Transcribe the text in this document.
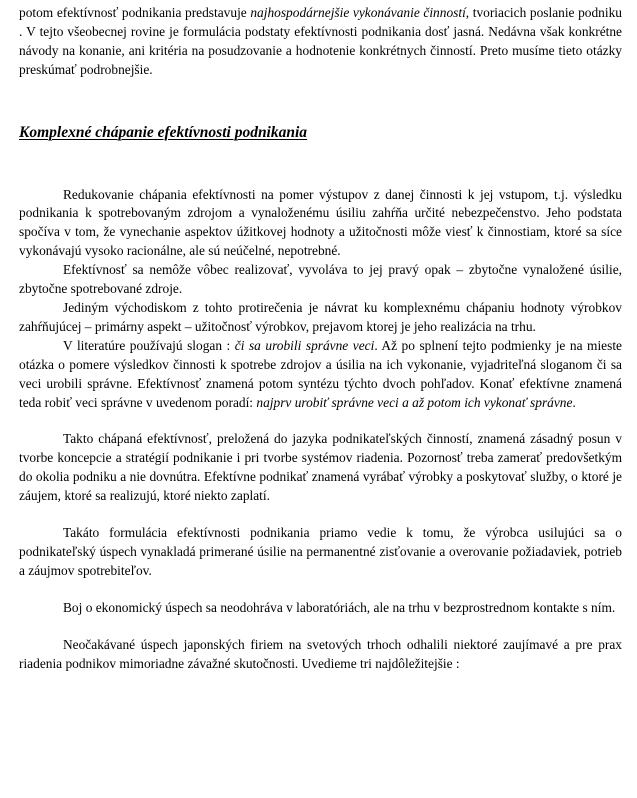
potom efektívnosť podnikania predstavuje najhospodárnejšie vykonávanie činností, tvoriacich poslanie podniku . V tejto všeobecnej rovine je formulácia podstaty efektívnosti podnikania dosť jasná. Nedávna však konkrétne návody na konanie, ani kritéria na posudzovanie a hodnotenie konkrétnych činností. Preto musíme tieto otázky preskúmať podrobnejšie.

Komplexné chápanie efektívnosti podnikania

Redukovanie chápania efektívnosti na pomer výstupov z danej činnosti k jej vstupom, t.j. výsledku podnikania k spotrebovaným zdrojom a vynaloženému úsiliu zahŕňa určité nebezpečenstvo. Jeho podstata spočíva v tom, že vynechanie aspektov úžitkovej hodnoty a užitočnosti môže viesť k činnostiam, ktoré sa síce vykonávajú vysoko racionálne, ale sú neúčelné, nepotrebné.

Efektívnosť sa nemôže vôbec realizovať, vyvoláva to jej pravý opak – zbytočne vynaložené úsilie, zbytočne spotrebované zdroje.

Jediným východiskom z tohto protirečenia je návrat ku komplexnému chápaniu hodnoty výrobkov zahŕňujúcej – primárny aspekt – užitočnosť výrobkov, prejavom ktorej je jeho realizácia na trhu.

V literatúre používajú slogan : či sa urobili správne veci. Až po splnení tejto podmienky je na mieste otázka o pomere výsledkov činnosti k spotrebe zdrojov a úsilia na ich vykonanie, vyjadriteľná sloganom či sa veci urobili správne. Efektívnosť znamená potom syntézu týchto dvoch pohľadov. Konať efektívne znamená teda robiť veci správne v uvedenom poradí: najprv urobiť správne veci a až potom ich vykonať správne.

Takto chápaná efektívnosť, preložená do jazyka podnikateľských činností, znamená zásadný posun v tvorbe koncepcie a stratégií podnikanie i pri tvorbe systémov riadenia. Pozornosť treba zamerať predovšetkým do okolia podniku a nie dovnútra. Efektívne podnikať znamená vyrábať výrobky a poskytovať služby, o ktoré je záujem, ktoré sa realizujú, ktoré niekto zaplatí.

Takáto formulácia efektívnosti podnikania priamo vedie k tomu, že výrobca usilujúci sa o podnikateľský úspech vynakladá primerané úsilie na permanentné zisťovanie a overovanie požiadaviek, potrieb a záujmov spotrebiteľov.

Boj o ekonomický úspech sa neodohráva v laboratóriách, ale na trhu v bezprostrednom kontakte s ním.

Neočakávané úspech japonských firiem na svetových trhoch odhalili niektoré zaujímavé a pre prax riadenia podnikov mimoriadne závažné skutočnosti. Uvedieme tri najdôležitejšie :
